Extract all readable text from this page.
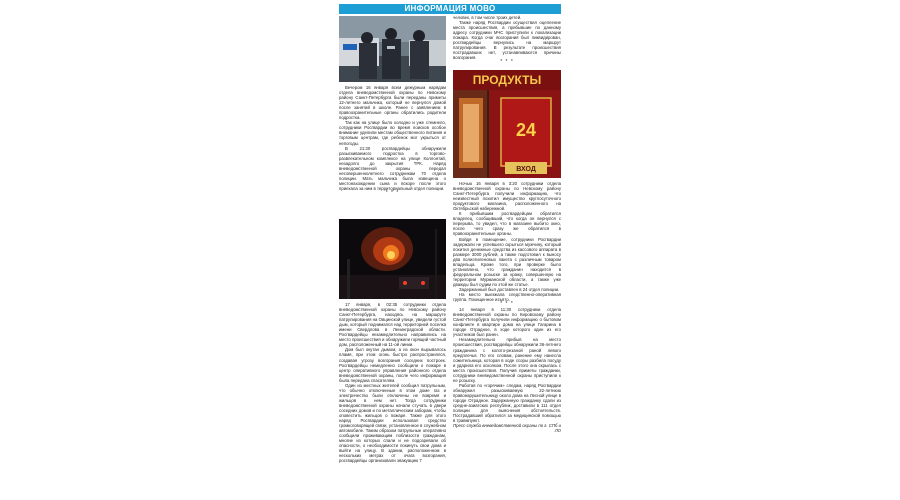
ИНФОРМАЦИЯ МОВО

Вечером 16 января всем дежурным нарядам отдела вневедомственной охраны по Невскому району Санкт-Петербурга были переданы приметы 12-летнего мальчика, который не вернулся домой после занятий в школе. Ранее с заявлением в правоохранительные органы обратились родители подростка.

Так как на улице было холодно и уже стемнело, сотрудники Росгвардии во время поисков особое внимание уделили местам общественного питания и торговым центрам, где ребенок мог укрыться от непогоды.

В 21:30 росгвардейцы обнаружили разыскиваемого подростка в торгово-развлекательном комплексе на улице Коллонтай, незадолго до закрытия ТРК. Наряд вневедомственной охраны передал несовершеннолетнего сотрудникам 70 отдела полиции. Мать мальчика была извещена о местонахождении сына и вскоре после этого приехала за ним в территориальный отдел полиции.

* * *

17 января, в 02:35 сотрудники отдела вневедомственной охраны по Невскому району Санкт-Петербурга, находясь на маршруте патрулирования на Овцинской улице, увидели густой дым, который поднимался над территорией поселка имени Свердлова в Ленинградской области. Росгвардейцы незамедлительно направились на место происшествия и обнаружили горящий частный дом, расположенный на 11-ой линии.

Дом был окутан дымом, а из окон вырывалось пламя, при этом огонь быстро распространялся, создавая угрозу возгорания соседних построек. Росгвардейцы немедленно сообщили о пожаре в центр оперативного управления районного отдела вневедомственной охраны, после чего информация была передана спасателям.

Один из местных жителей сообщил патрульным, что обычно отключенные в этом доме газ и электричество были отключены не вовремя и жильцов в нем нет. Тогда сотрудники вневедомственной охраны начали стучать в двери соседних домов и по металлическим заборам, чтобы оповестить жильцов о пожаре. Также для этого наряд Росгвардии использовал средство громкоговорящей связи, установленное в служебном автомобиле. Таким образом патрульные оперативно сообщили проживающим поблизости гражданам, многие из которых спали и не подозревали об опасности, о необходимости покинуть свои дома и выйти на улицу. В здании, расположенном в нескольких метрах от очага возгорания, росгвардейцы организовали эвакуацию 7

человек, в том числе троих детей.

Также наряд Росгвардии осуществил оцепление места происшествия, а прибывшие по данному адресу сотрудники МЧС приступили к локализации пожара. Когда очаг возгорания был ликвидирован, росгвардейцы вернулись на маршрут патрулирования. В результате происшествия пострадавших нет, устанавливаются причины возгорания.

* * *

ПРОДУКТЫ
24
ВХОД

Ночью 16 января в 3:20 сотрудники отдела вневедомственной охраны по Невскому району Санкт-Петербурга получили информацию, что неизвестный похитил имущество круглосуточного продуктового магазина, расположенного на Октябрьской набережной.

К прибывшим росгвардейцам обратился владелец, сообщивший, что когда он вернулся с перерыва, то увидел, что в магазине выбито окно, после чего сразу же обратился в правоохранительные органы.

Войдя в помещение, сотрудники Росгвардии задержали не успевшего скрыться мужчину, который похитил денежные средства из кассового аппарата в размере 3000 рублей, а также подготовил к выносу два полиэтиленовых пакета с различным товаром владельца. Кроме того, при проверке было установлено, что гражданин находится в федеральном розыске за кражу, совершенную на территории Мурманской области, а также уже дважды был судим по этой же статье.

Задержанный был доставлен в 24 отдел полиции.

На место выезжала следственно-оперативная группа. Похищенное изъято.

* * *

14 января в 11:30 сотрудники отдела вневедомственной охраны по Кировскому району Санкт-Петербурга получили информацию о бытовом конфликте в квартире дома на улице Гагарина в городе Отрадное, в ходе которого один из его участников был ранен.

Незамедлительно прибыв на место происшествия, росгвардейцы обнаружили 36-летнего гражданина с колото-резаной раной левого предплечья. По его словам, ранение ему нанесла сожительница, которая в ходе ссоры разбила посуду и ударила его осколком. После этого она скрылась с места происшествия. Получив приметы гражданки, сотрудники вневедомственной охраны приступили к ее розыску.

Работая по «горячим» следам, наряд Росгвардии обнаружил разыскиваемую 22-летнюю правонарушительницу около дома на Лесной улице в городе Отрадное. Задержанную гражданку сдали из средне-азиатских республик, доставили в 111 отдел полиции для выяснения обстоятельств. Пострадавший обратился за медицинской помощью в травмпункт.

Пресс-служба вневедомственной охраны по г. СПб и ЛО
